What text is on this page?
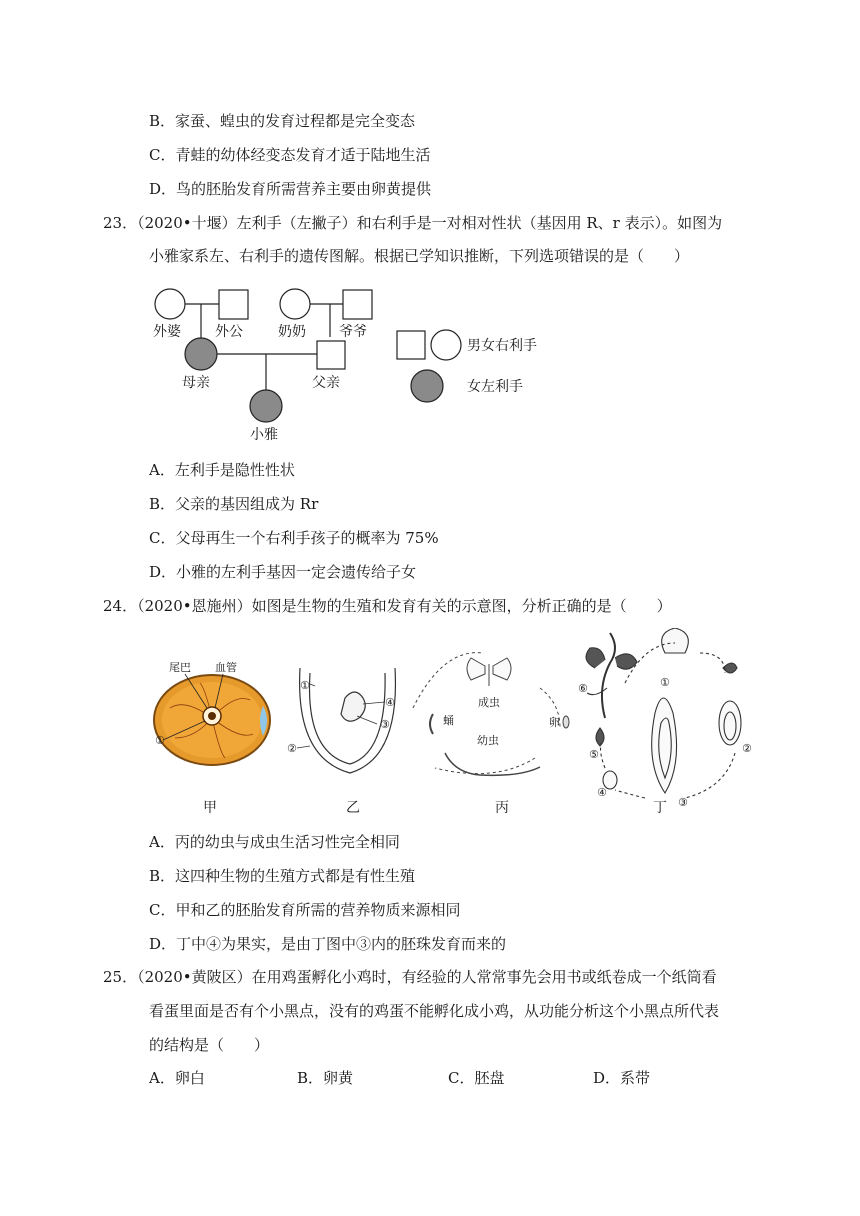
B．家蚕、蝗虫的发育过程都是完全变态
C．青蛙的幼体经变态发育才适于陆地生活
D．鸟的胚胎发育所需营养主要由卵黄提供
23．（2020•十堰）左利手（左撇子）和右利手是一对相对性状（基因用 R、r 表示）。如图为
小雅家系左、右利手的遗传图解。根据已学知识推断，下列选项错误的是（　　）
外婆 外公	奶奶 爷爷
母亲	父亲
小雅
男女右利手
女左利手
A．左利手是隐性性状
B．父亲的基因组成为 Rr
C．父母再生一个右利手孩子的概率为 75%
D．小雅的左利手基因一定会遗传给子女
24．（2020•恩施州）如图是生物的生殖和发育有关的示意图，分析正确的是（　　）
尾巴 血管
①
①
④
③
②
成虫
蛹	卵
幼虫
⑥	①
②
③
④
⑤
甲	乙	丙	丁
A．丙的幼虫与成虫生活习性完全相同
B．这四种生物的生殖方式都是有性生殖
C．甲和乙的胚胎发育所需的营养物质来源相同
D．丁中④为果实，是由丁图中③内的胚珠发育而来的
25．（2020•黄陂区）在用鸡蛋孵化小鸡时，有经验的人常常事先会用书或纸卷成一个纸筒看
看蛋里面是否有个小黑点，没有的鸡蛋不能孵化成小鸡，从功能分析这个小黑点所代表
的结构是（　　）
A．卵白	B．卵黄	C．胚盘	D．系带
